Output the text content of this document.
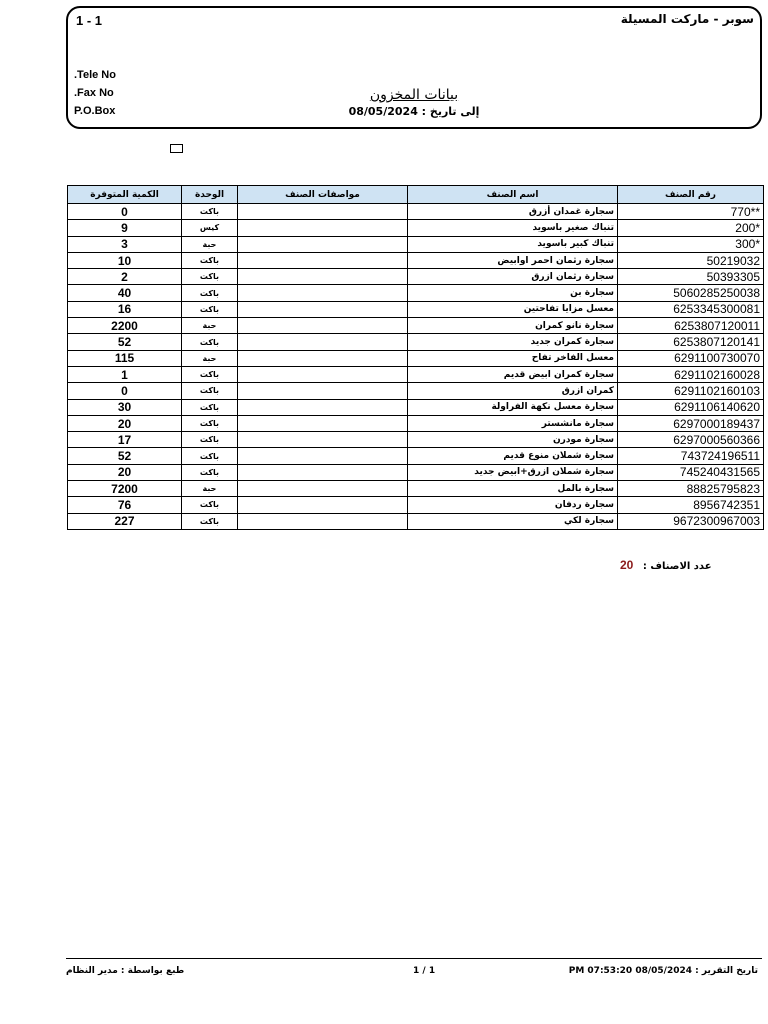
1 - 1	سوبر - ماركت المسيلة
.Tele No
.Fax No
P.O.Box
بيانات المخزون
إلى تاريخ : 08/05/2024
رقم الصنف	اسم الصنف	مواصفات الصنف	الوحدة	الكمية المتوفرة
770**	سجارة غمدان أزرق		باكت	0
200*	تنباك صغير باسويد		كيس	9
300*	تنباك كبير باسويد		حبة	3
50219032	سجارة رثمان احمر اوابيض		باكت	10
50393305	سجارة رثمان ازرق		باكت	2
5060285250038	سجارة بن		باكت	40
6253345300081	معسل مزايا تفاحتين		باكت	16
6253807120011	سجارة نانو كمران		حبة	2200
6253807120141	سجارة كمران جديد		باكت	52
6291100730070	معسل الفاخر تفاح		حبة	115
6291102160028	سجارة كمران ابيض قديم		باكت	1
6291102160103	كمران ازرق		باكت	0
6291106140620	سجارة معسل نكهة الفراولة		باكت	30
6297000189437	سجارة مانشستر		باكت	20
6297000560366	سجارة مودرن		باكت	17
743724196511	سجارة شملان منوع قديم		باكت	52
745240431565	سجارة شملان ازرق+ابيض جديد		باكت	20
88825795823	سجارة بالمل		حبة	7200
8956742351	سجارة ردفان		باكت	76
9672300967003	سجارة لكي		باكت	227
عدد الاصناف : 20
طبع بواسطة : مدير النظام	1 / 1	تاريخ التقرير : PM 07:53:20 08/05/2024
